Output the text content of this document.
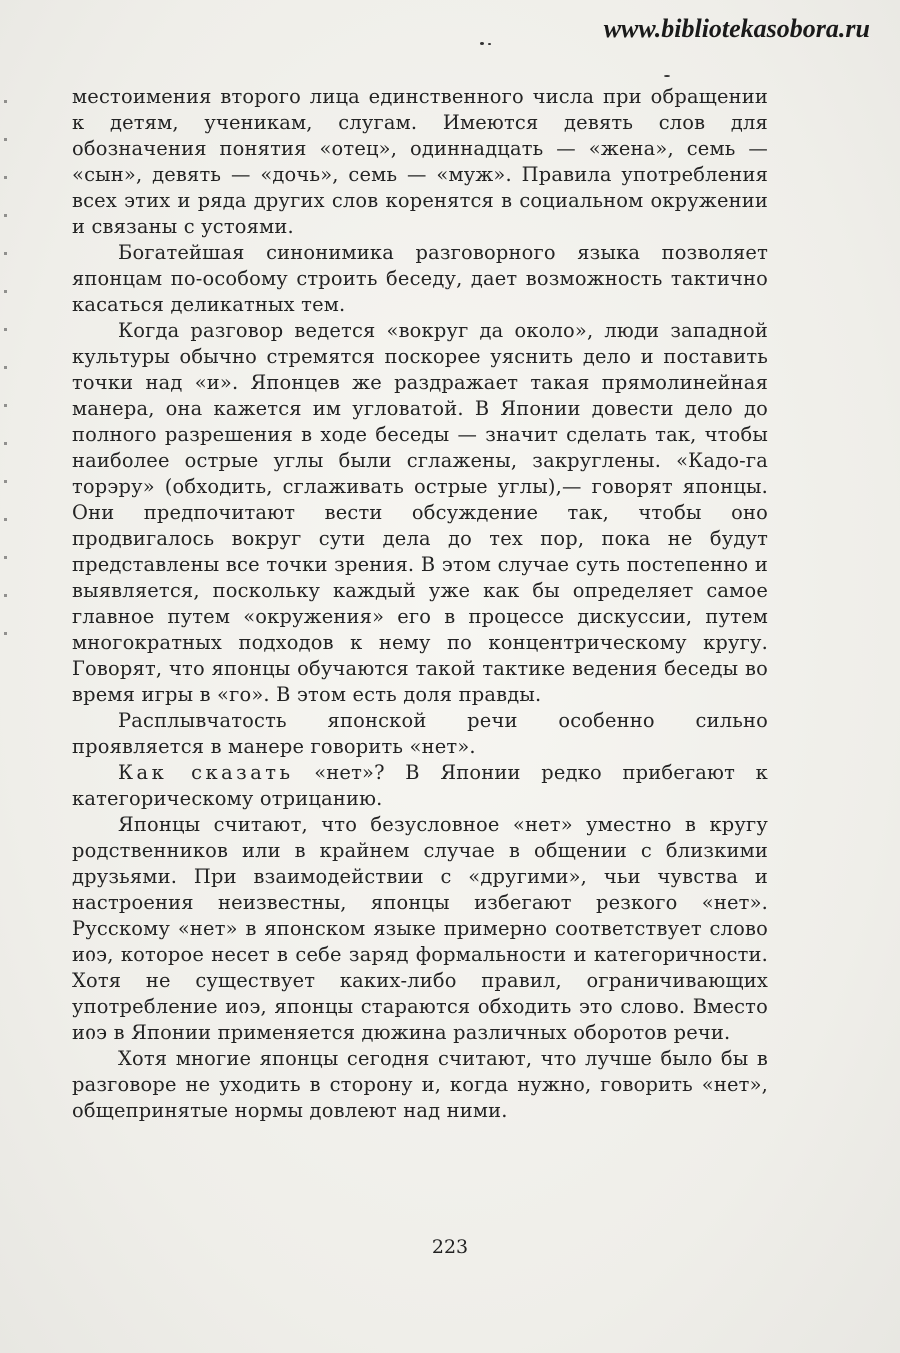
www.bibliotekasobora.ru

местоимения второго лица единственного числа при обращении к детям, ученикам, слугам. Имеются девять слов для обозначения понятия «отец», одиннадцать — «жена», семь — «сын», девять — «дочь», семь — «муж». Правила употребления всех этих и ряда других слов коренятся в социальном окружении и связаны с устоями.

Богатейшая синонимика разговорного языка позволяет японцам по-особому строить беседу, дает возможность тактично касаться деликатных тем.

Когда разговор ведется «вокруг да около», люди западной культуры обычно стремятся поскорее уяснить дело и поставить точки над «и». Японцев же раздражает такая прямолинейная манера, она кажется им угловатой. В Японии довести дело до полного разрешения в ходе беседы — значит сделать так, чтобы наиболее острые углы были сглажены, закруглены. «Кадо-га торэру» (обходить, сглаживать острые углы),— говорят японцы. Они предпочитают вести обсуждение так, чтобы оно продвигалось вокруг сути дела до тех пор, пока не будут представлены все точки зрения. В этом случае суть постепенно и выявляется, поскольку каждый уже как бы определяет самое главное путем «окружения» его в процессе дискуссии, путем многократных подходов к нему по концентрическому кругу. Говорят, что японцы обучаются такой тактике ведения беседы во время игры в «го». В этом есть доля правды.

Расплывчатость японской речи особенно сильно проявляется в манере говорить «нет».

Как сказать «нет»? В Японии редко прибегают к категорическому отрицанию.

Японцы считают, что безусловное «нет» уместно в кругу родственников или в крайнем случае в общении с близкими друзьями. При взаимодействии с «другими», чьи чувства и настроения неизвестны, японцы избегают резкого «нет». Русскому «нет» в японском языке примерно соответствует слово иიэ, которое несет в себе заряд формальности и категоричности. Хотя не существует каких-либо правил, ограничивающих употребление иიэ, японцы стараются обходить это слово. Вместо иიэ в Японии применяется дюжина различных оборотов речи.

Хотя многие японцы сегодня считают, что лучше было бы в разговоре не уходить в сторону и, когда нужно, говорить «нет», общепринятые нормы довлеют над ними.

223
